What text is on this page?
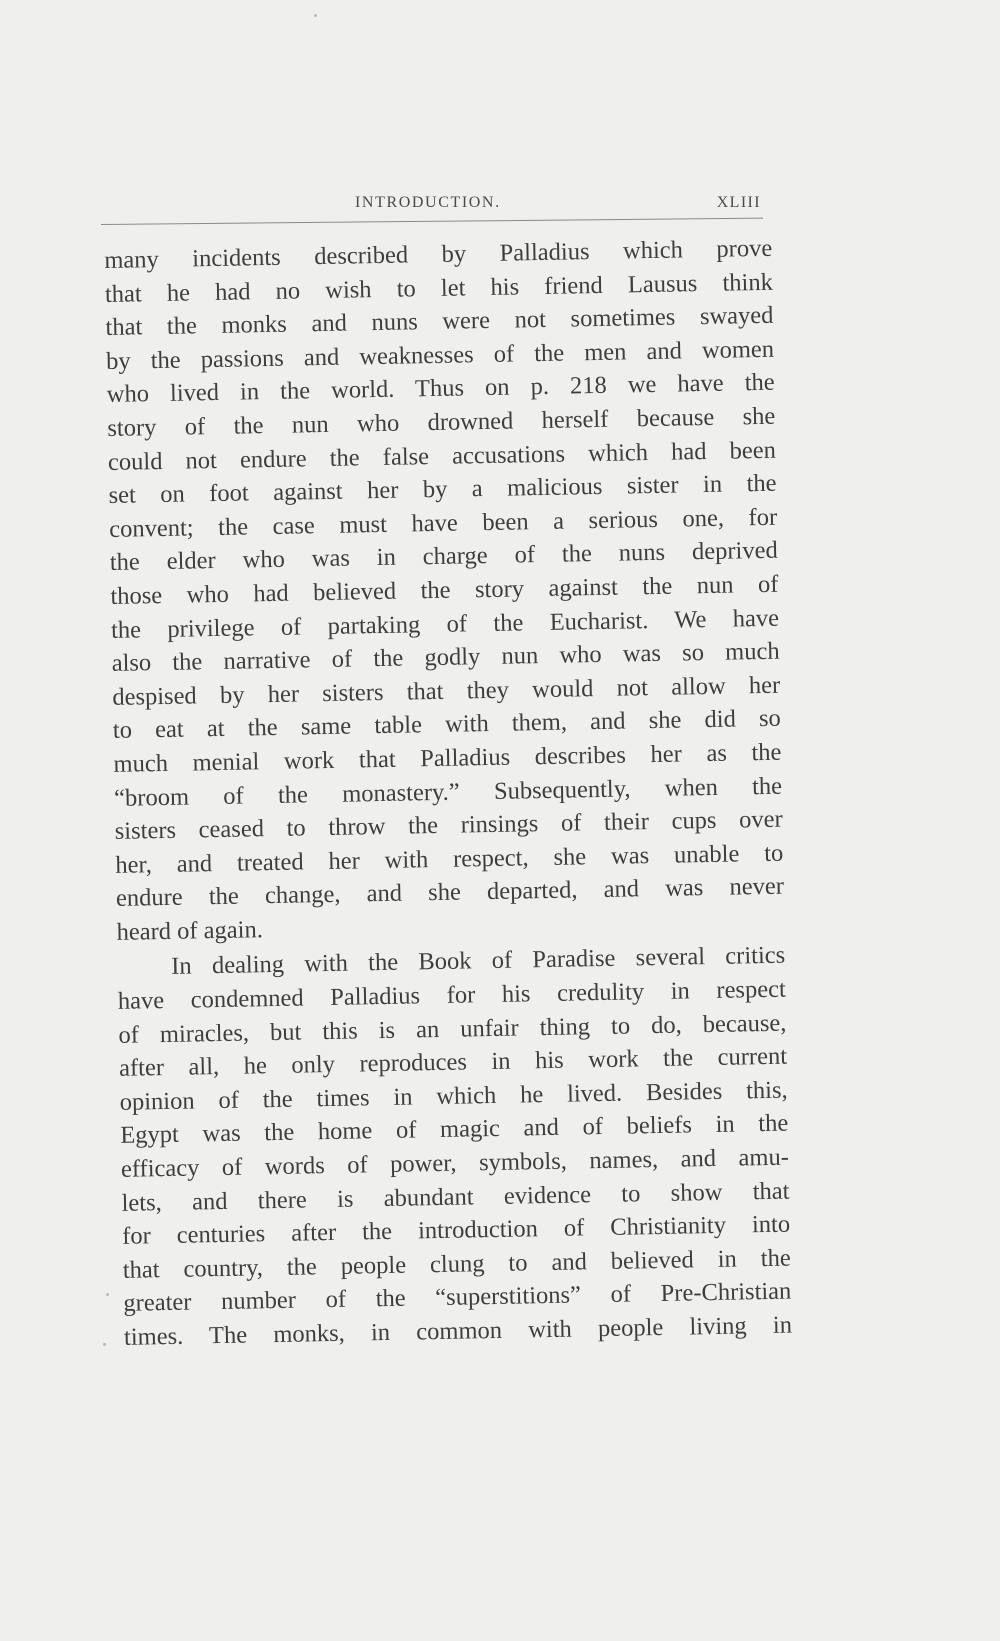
INTRODUCTION.	XLIII
many incidents described by Palladius which prove
that he had no wish to let his friend Lausus think
that the monks and nuns were not sometimes swayed
by the passions and weaknesses of the men and women
who lived in the world. Thus on p. 218 we have the
story of the nun who drowned herself because she
could not endure the false accusations which had been
set on foot against her by a malicious sister in the
convent; the case must have been a serious one, for
the elder who was in charge of the nuns deprived
those who had believed the story against the nun of
the privilege of partaking of the Eucharist. We have
also the narrative of the godly nun who was so much
despised by her sisters that they would not allow her
to eat at the same table with them, and she did so
much menial work that Palladius describes her as the
“broom of the monastery.” Subsequently, when the
sisters ceased to throw the rinsings of their cups over
her, and treated her with respect, she was unable to
endure the change, and she departed, and was never
heard of again.
In dealing with the Book of Paradise several critics
have condemned Palladius for his credulity in respect
of miracles, but this is an unfair thing to do, because,
after all, he only reproduces in his work the current
opinion of the times in which he lived. Besides this,
Egypt was the home of magic and of beliefs in the
efficacy of words of power, symbols, names, and amu-
lets, and there is abundant evidence to show that
for centuries after the introduction of Christianity into
that country, the people clung to and believed in the
greater number of the “superstitions” of Pre-Christian
times. The monks, in common with people living in
